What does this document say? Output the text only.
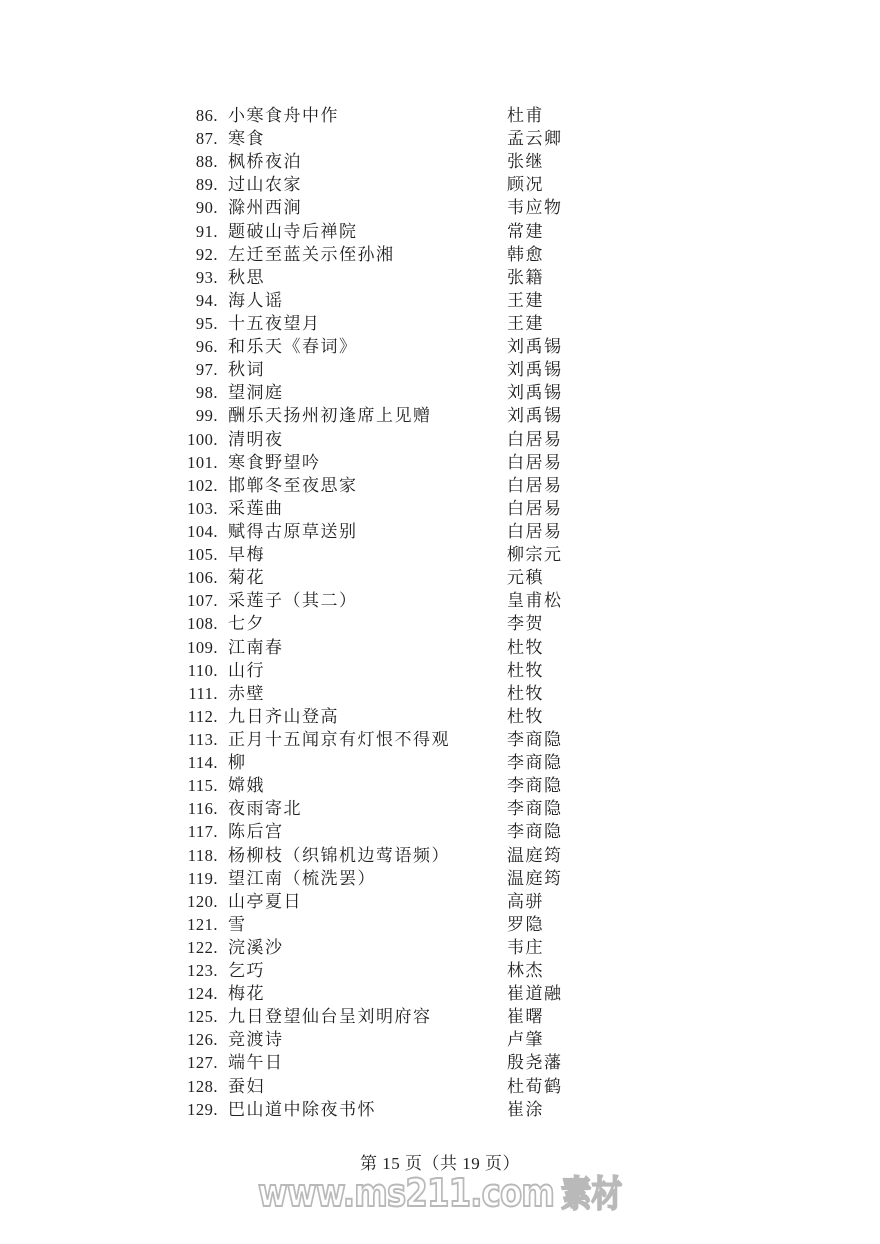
86. 小寒食舟中作	杜甫
87. 寒食	孟云卿
88. 枫桥夜泊	张继
89. 过山农家	顾况
90. 滁州西涧	韦应物
91. 题破山寺后禅院	常建
92. 左迁至蓝关示侄孙湘	韩愈
93. 秋思	张籍
94. 海人谣	王建
95. 十五夜望月	王建
96. 和乐天《春词》	刘禹锡
97. 秋词	刘禹锡
98. 望洞庭	刘禹锡
99. 酬乐天扬州初逢席上见赠	刘禹锡
100. 清明夜	白居易
101. 寒食野望吟	白居易
102. 邯郸冬至夜思家	白居易
103. 采莲曲	白居易
104. 赋得古原草送别	白居易
105. 早梅	柳宗元
106. 菊花	元稹
107. 采莲子（其二）	皇甫松
108. 七夕	李贺
109. 江南春	杜牧
110. 山行	杜牧
111. 赤壁	杜牧
112. 九日齐山登高	杜牧
113. 正月十五闻京有灯恨不得观	李商隐
114. 柳	李商隐
115. 嫦娥	李商隐
116. 夜雨寄北	李商隐
117. 陈后宫	李商隐
118. 杨柳枝（织锦机边莺语频）	温庭筠
119. 望江南（梳洗罢）	温庭筠
120. 山亭夏日	高骈
121. 雪	罗隐
122. 浣溪沙	韦庄
123. 乞巧	林杰
124. 梅花	崔道融
125. 九日登望仙台呈刘明府容	崔曙
126. 竞渡诗	卢肇
127. 端午日	殷尧藩
128. 蚕妇	杜荀鹤
129. 巴山道中除夜书怀	崔涂
第 15 页（共 19 页）
www.ms211.com 素材
